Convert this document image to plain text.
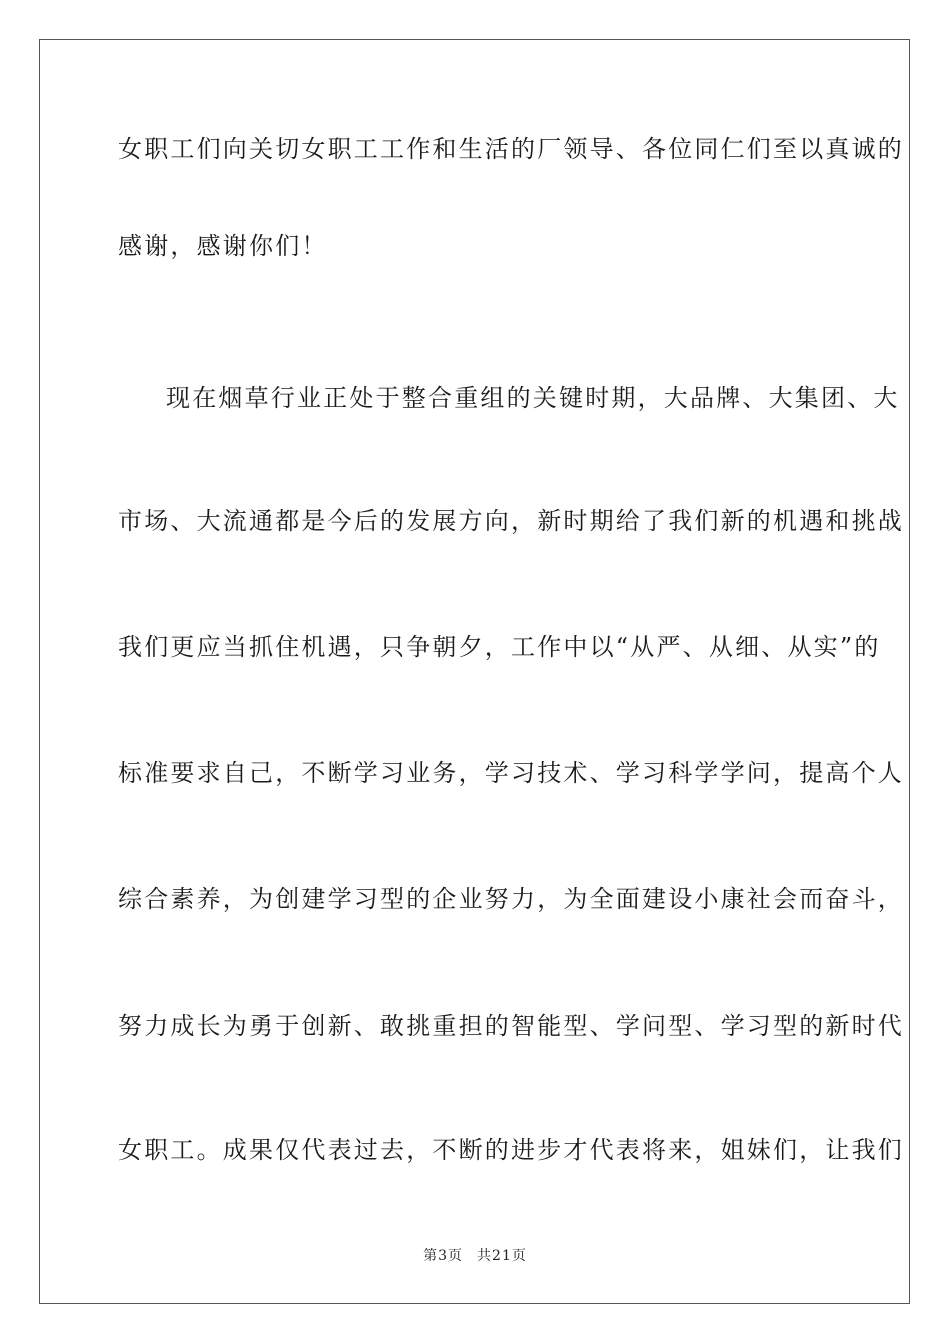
女职工们向关切女职工工作和生活的厂领导、各位同仁们至以真诚的
感谢，感谢你们！
现在烟草行业正处于整合重组的关键时期，大品牌、大集团、大
市场、大流通都是今后的发展方向，新时期给了我们新的机遇和挑战
我们更应当抓住机遇，只争朝夕，工作中以“从严、从细、从实”的
标准要求自己，不断学习业务，学习技术、学习科学学问，提高个人
综合素养，为创建学习型的企业努力，为全面建设小康社会而奋斗，
努力成长为勇于创新、敢挑重担的智能型、学问型、学习型的新时代
女职工。成果仅代表过去，不断的进步才代表将来，姐妹们，让我们
第3页 共21页
